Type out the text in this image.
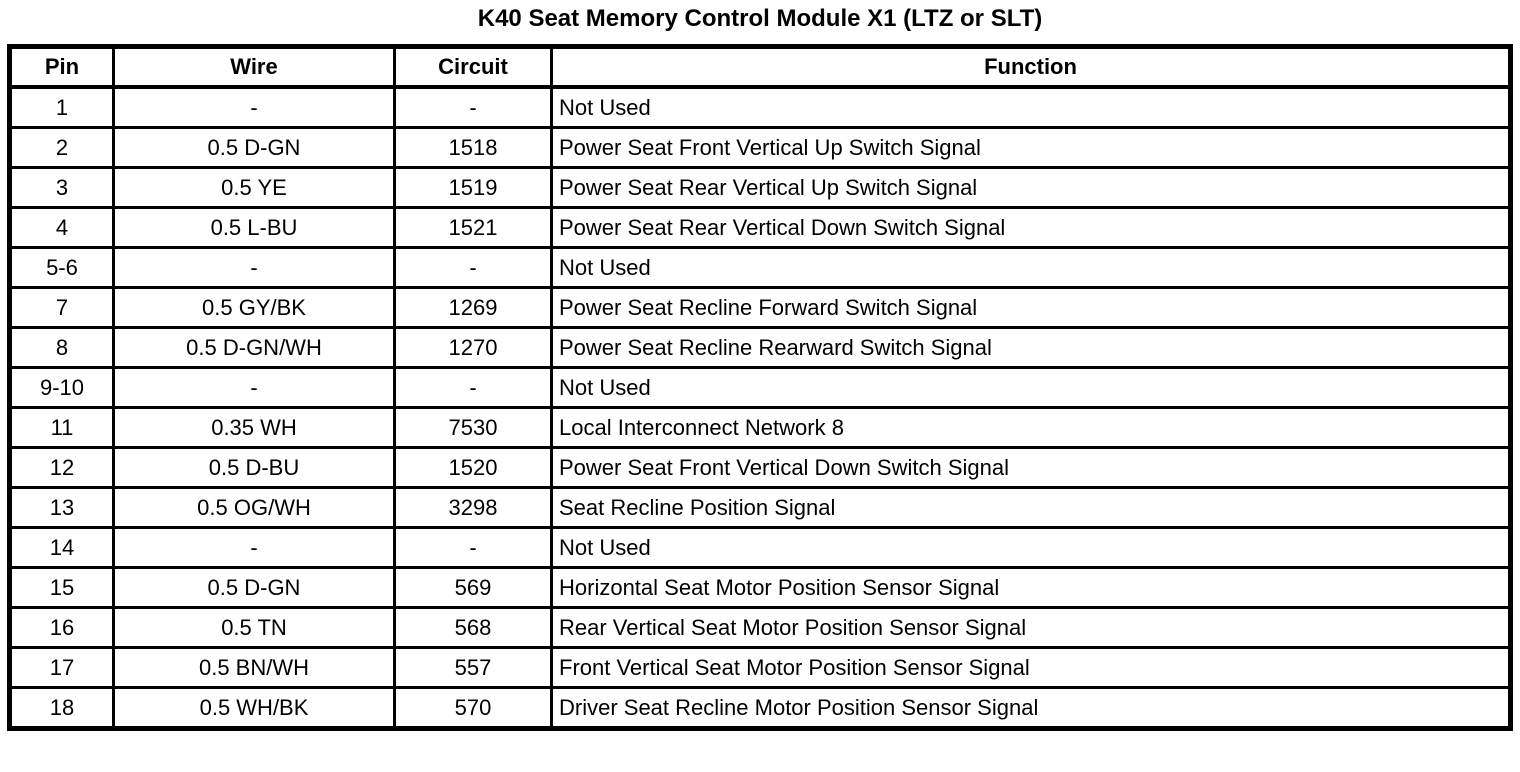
K40 Seat Memory Control Module X1 (LTZ or SLT)
Pin	Wire	Circuit	Function
1	-	-	Not Used
2	0.5 D-GN	1518	Power Seat Front Vertical Up Switch Signal
3	0.5 YE	1519	Power Seat Rear Vertical Up Switch Signal
4	0.5 L-BU	1521	Power Seat Rear Vertical Down Switch Signal
5-6	-	-	Not Used
7	0.5 GY/BK	1269	Power Seat Recline Forward Switch Signal
8	0.5 D-GN/WH	1270	Power Seat Recline Rearward Switch Signal
9-10	-	-	Not Used
11	0.35 WH	7530	Local Interconnect Network 8
12	0.5 D-BU	1520	Power Seat Front Vertical Down Switch Signal
13	0.5 OG/WH	3298	Seat Recline Position Signal
14	-	-	Not Used
15	0.5 D-GN	569	Horizontal Seat Motor Position Sensor Signal
16	0.5 TN	568	Rear Vertical Seat Motor Position Sensor Signal
17	0.5 BN/WH	557	Front Vertical Seat Motor Position Sensor Signal
18	0.5 WH/BK	570	Driver Seat Recline Motor Position Sensor Signal
